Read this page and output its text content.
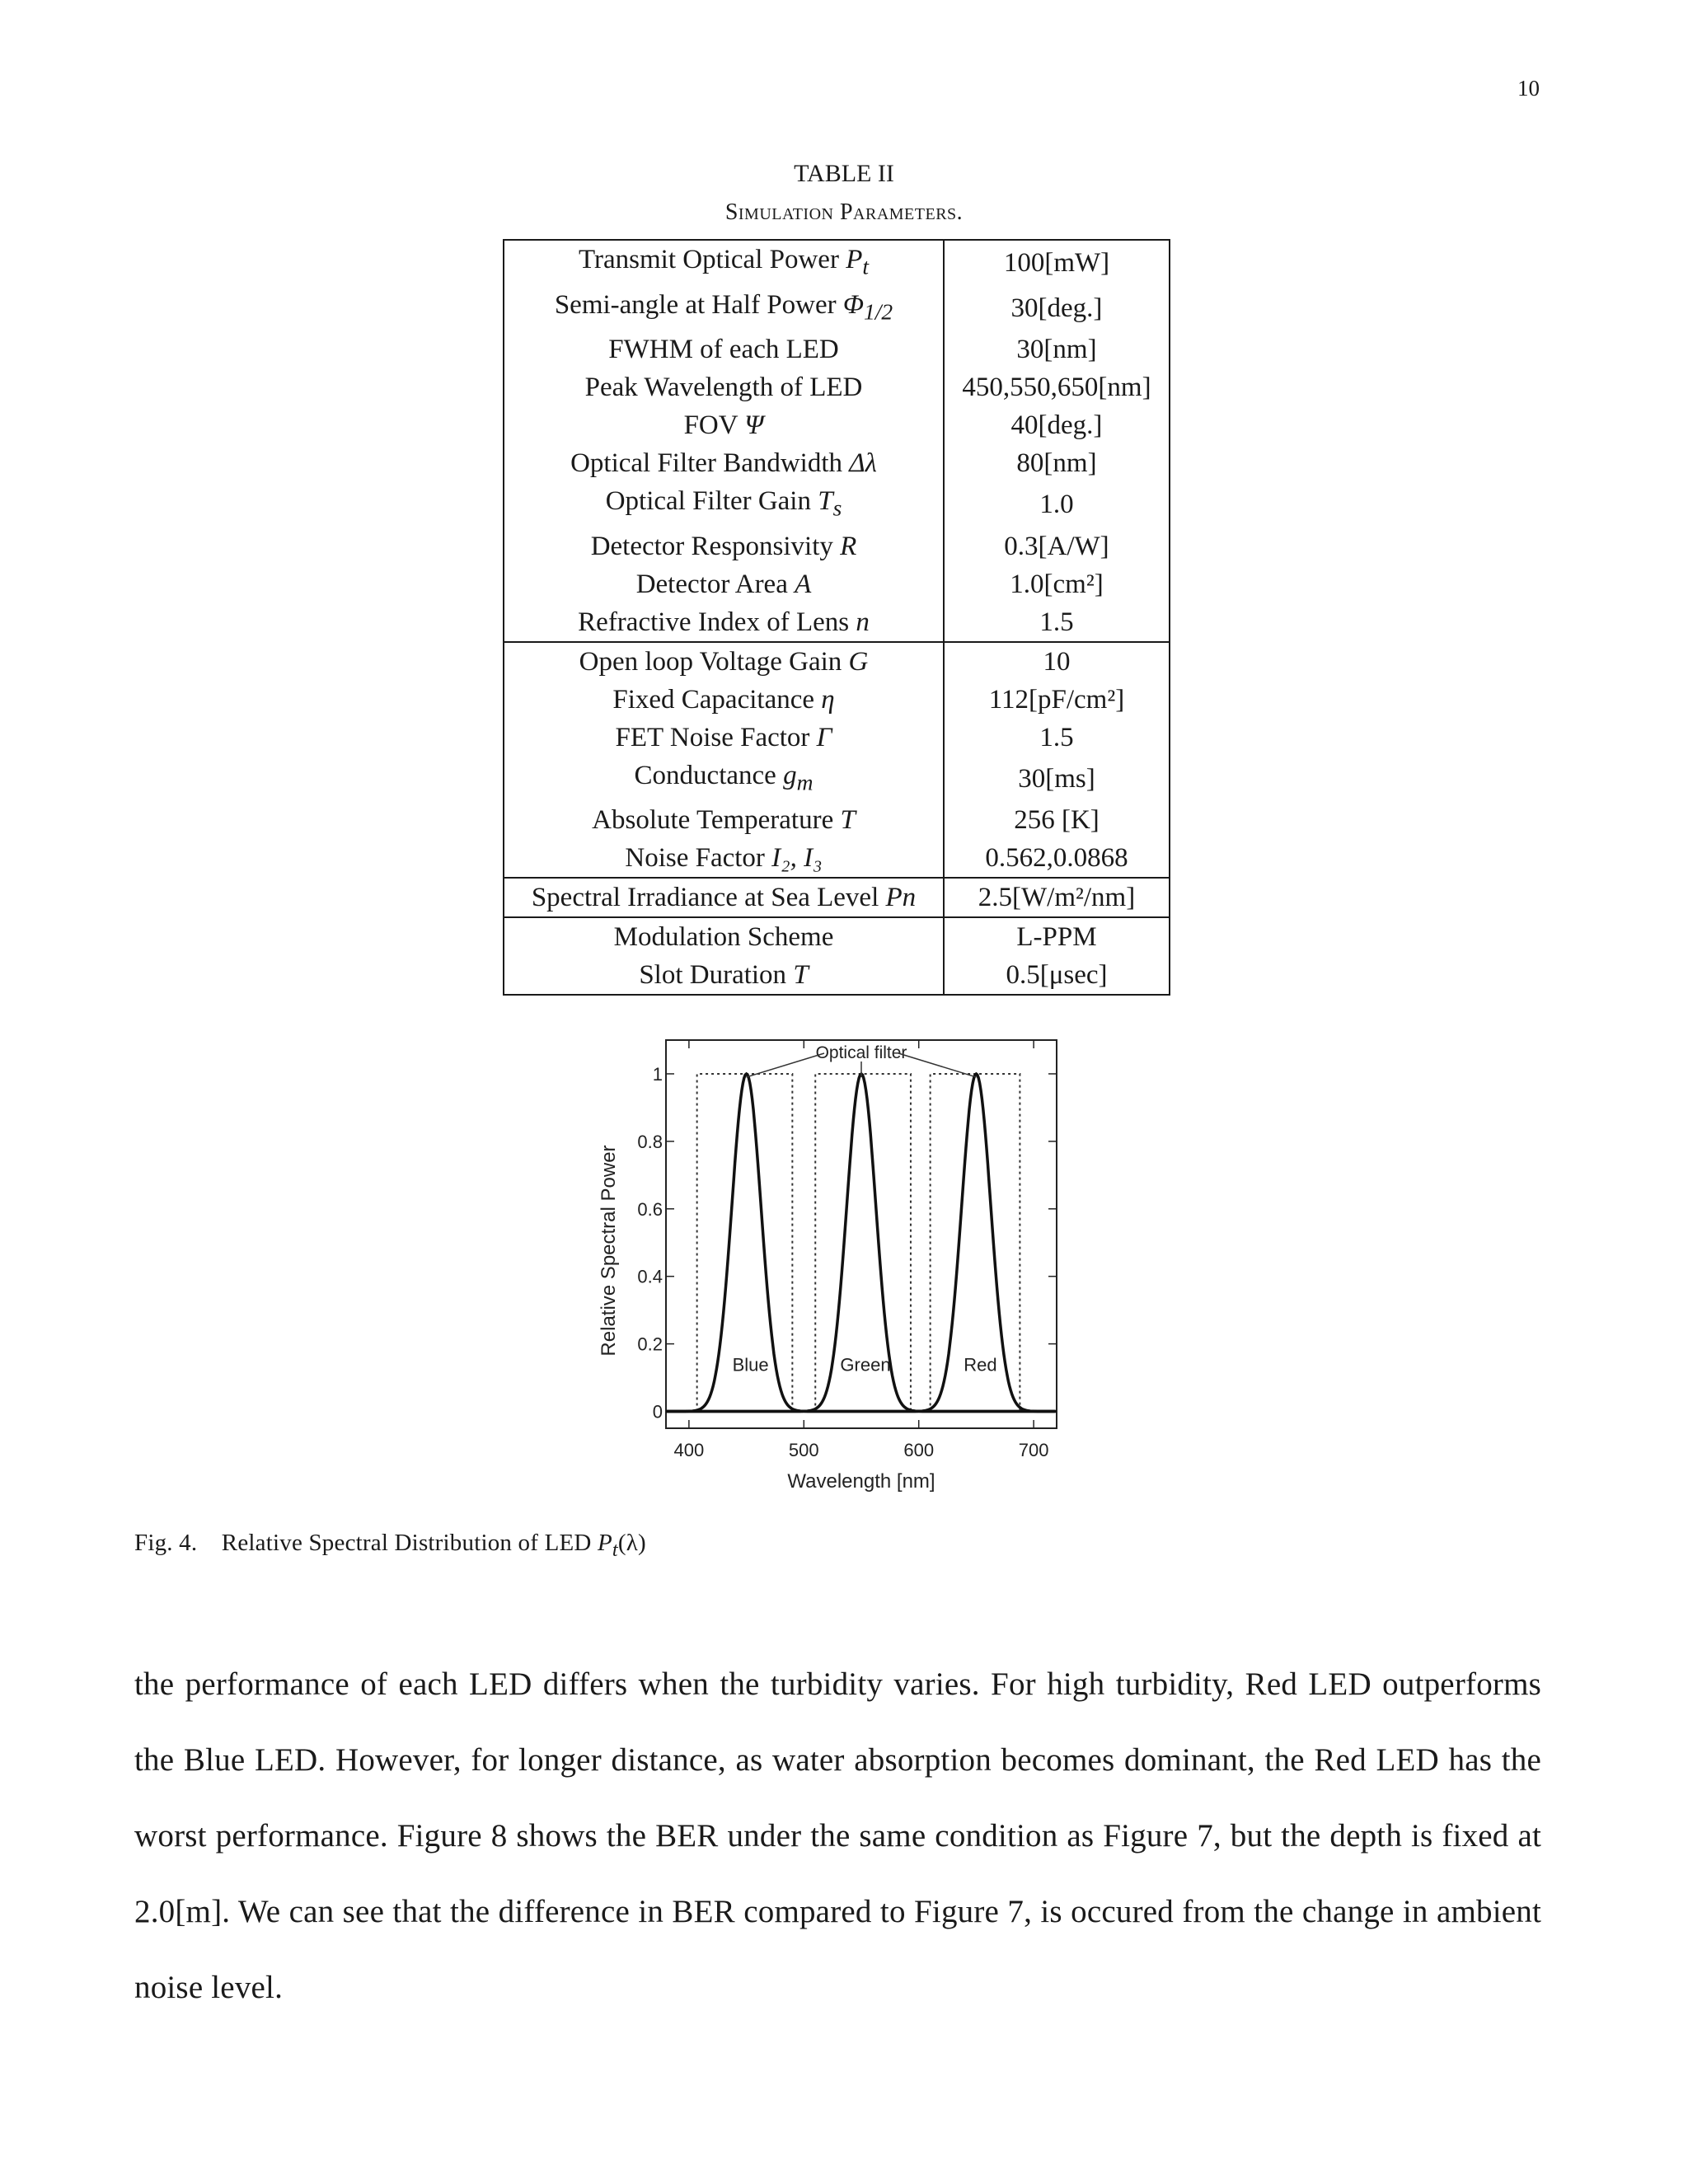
10
TABLE II
Simulation Parameters.
Transmit Optical Power $P_t$	100[mW]
Semi-angle at Half Power $\Phi_{1/2}$	30[deg.]
FWHM of each LED	30[nm]
Peak Wavelength of LED	450,550,650[nm]
FOV Ψ	40[deg.]
Optical Filter Bandwidth Δλ	80[nm]
Optical Filter Gain $T_s$	1.0
Detector Responsivity R	0.3[A/W]
Detector Area A	1.0[cm²]
Refractive Index of Lens n	1.5
Open loop Voltage Gain G	10
Fixed Capacitance η	112[pF/cm²]
FET Noise Factor Γ	1.5
Conductance $g_m$	30[ms]
Absolute Temperature T	256 [K]
Noise Factor I₂, I₃	0.562,0.0868
Spectral Irradiance at Sea Level Pn	2.5[W/m²/nm]
Modulation Scheme	L-PPM
Slot Duration T	0.5[μsec]
400	500	600	700
0
0.2
0.4
0.6
0.8
1
Wavelength [nm]
Relative Spectral Power
Blue	Green	Red
Optical filter
Fig. 4. Relative Spectral Distribution of LED $P_t(\lambda)$
the performance of each LED differs when the turbidity varies. For high turbidity, Red LED outperforms the Blue LED. However, for longer distance, as water absorption becomes dominant, the Red LED has the worst performance. Figure 8 shows the BER under the same condition as Figure 7, but the depth is fixed at 2.0[m]. We can see that the difference in BER compared to Figure 7, is occured from the change in ambient noise level.
